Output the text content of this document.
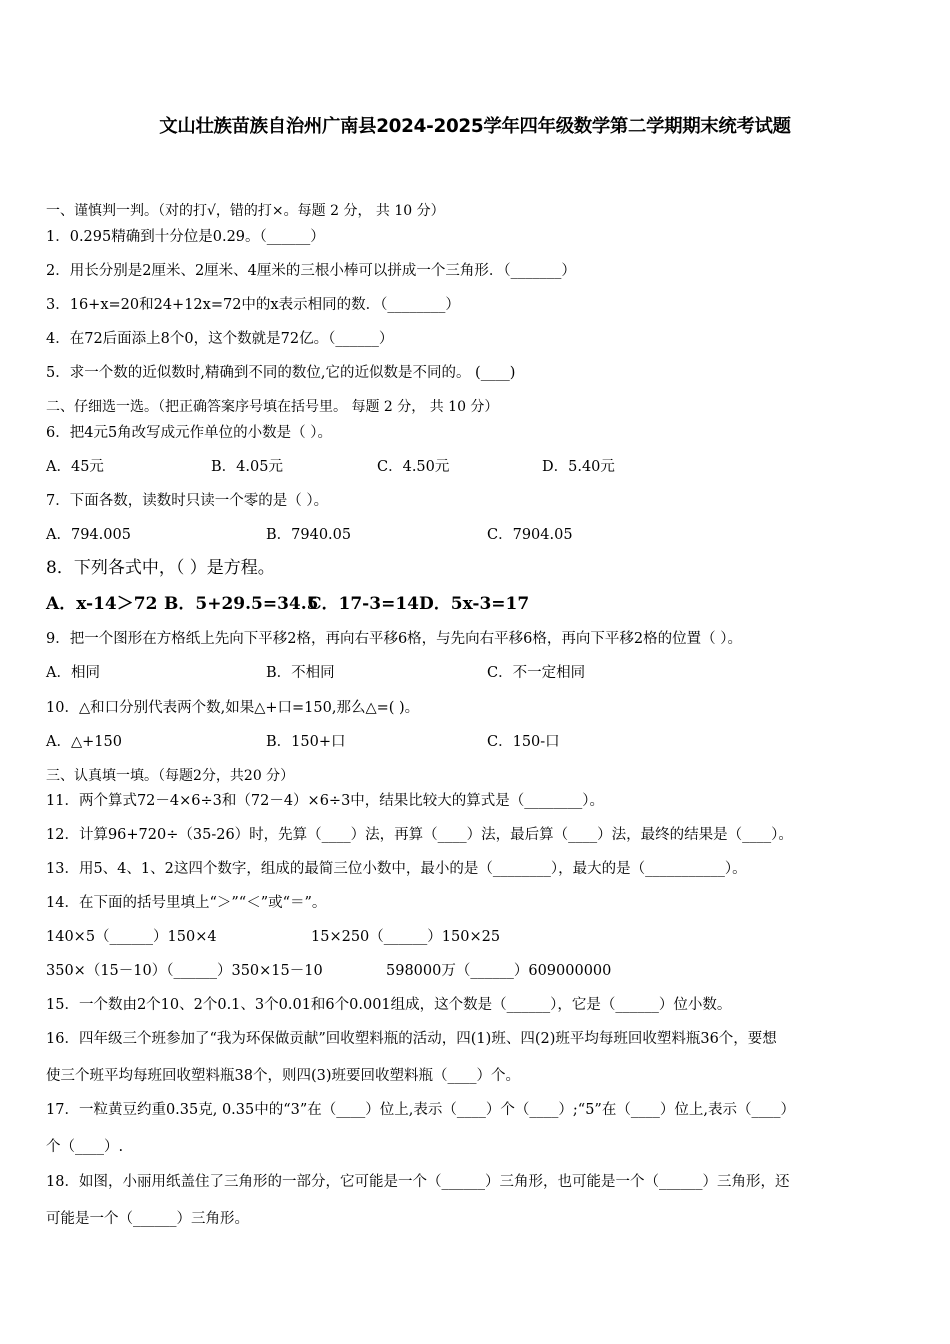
文山壮族苗族自治州广南县2024-2025学年四年级数学第二学期期末统考试题
一、谨慎判一判。（对的打√，错的打×。每题 2 分， 共 10 分）
1．0.295精确到十分位是0.29。（______）
2．用长分别是2厘米、2厘米、4厘米的三根小棒可以拼成一个三角形．（_______）
3．16+x=20和24+12x=72中的x表示相同的数．（________）
4．在72后面添上8个0，这个数就是72亿。（______）
5．求一个数的近似数时,精确到不同的数位,它的近似数是不同的。 (____)
二、仔细选一选。（把正确答案序号填在括号里。 每题 2 分， 共 10 分）
6．把4元5角改写成元作单位的小数是（ ）。
A．45元	B．4.05元	C．4.50元	D．5.40元
7．下面各数，读数时只读一个零的是（ ）。
A．794.005	B．7940.05	C．7904.05
8．下列各式中，（ ）是方程。
A．x-14＞72 B．5+29.5=34.5
C．17-3=14 D．5x-3=17
9．把一个图形在方格纸上先向下平移2格，再向右平移6格，与先向右平移6格，再向下平移2格的位置（ ）。
A．相同	B．不相同	C．不一定相同
10．△和口分别代表两个数,如果△+口=150,那么△=( )。
A．△+150	B．150+口	C．150-口
三、认真填一填。（每题2分，共20 分）
11．两个算式72－4×6÷3和（72－4）×6÷3中，结果比较大的算式是（________）。
12．计算96+720÷（35-26）时，先算（____）法，再算（____）法，最后算（____）法，最终的结果是（____）。
13．用5、4、1、2这四个数字，组成的最简三位小数中，最小的是（________），最大的是（___________）。
14．在下面的括号里填上“＞”“＜”或“＝”。
140×5（______）150×4	15×250（______）150×25
350×（15－10）（______）350×15－10	598000万（______）609000000
15．一个数由2个10、2个0.1、3个0.01和6个0.001组成，这个数是（______），它是（______）位小数。
16．四年级三个班参加了“我为环保做贡献”回收塑料瓶的活动，四(1)班、四(2)班平均每班回收塑料瓶36个，要想
使三个班平均每班回收塑料瓶38个，则四(3)班要回收塑料瓶（____）个。
17．一粒黄豆约重0.35克, 0.35中的“3”在（____）位上,表示（____）个（____）;“5”在（____）位上,表示（____）
个（____）.
18．如图，小丽用纸盖住了三角形的一部分，它可能是一个（______）三角形，也可能是一个（______）三角形，还
可能是一个（______）三角形。
